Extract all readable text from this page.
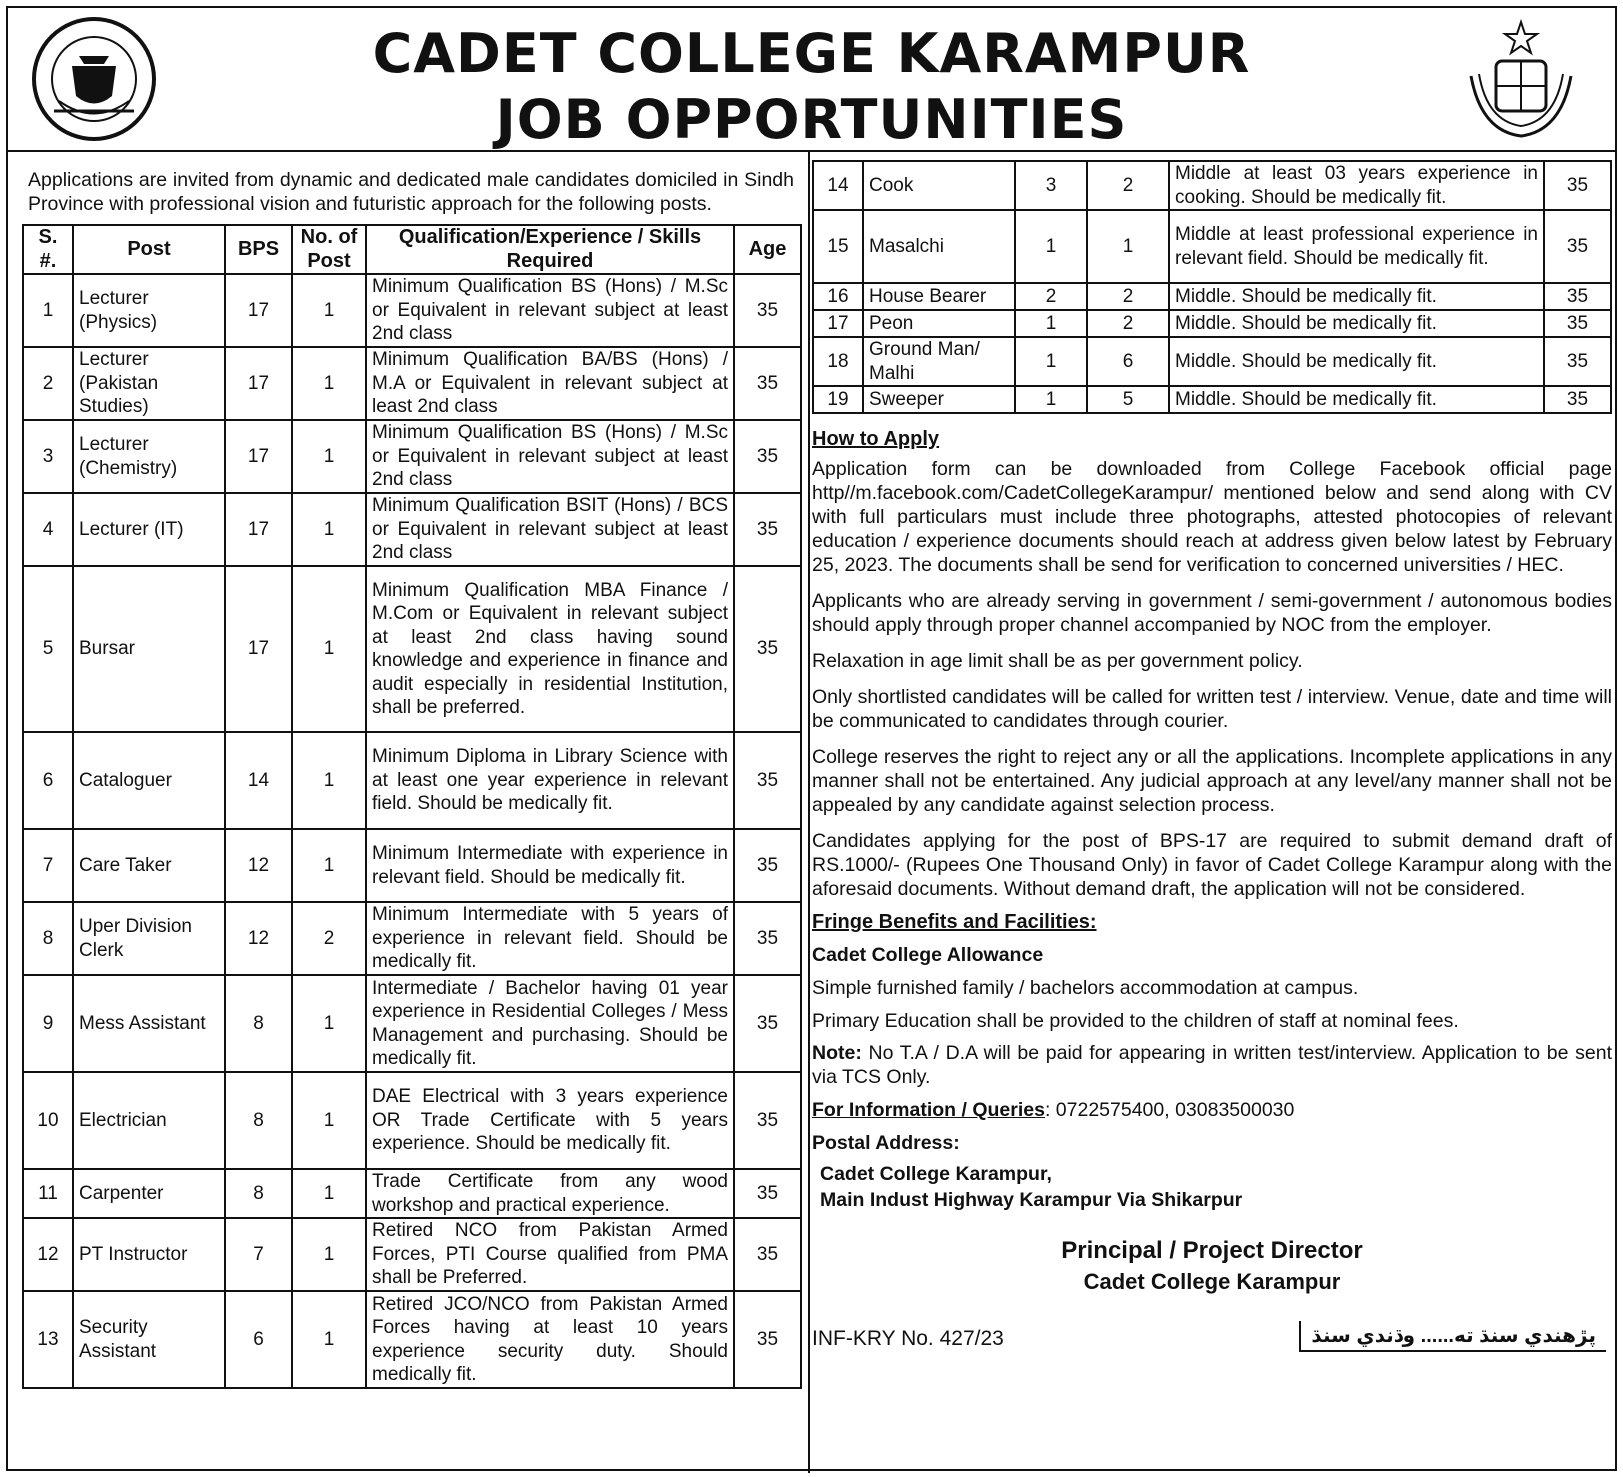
CADET COLLEGE KARAMPUR
JOB OPPORTUNITIES
Applications are invited from dynamic and dedicated male candidates domiciled in Sindh Province with professional vision and futuristic approach for the following posts.
S. #.	Post	BPS	No. of Post	Qualification/Experience / Skills Required	Age
1	Lecturer (Physics)	17	1	Minimum Qualification BS (Hons) / M.Sc or Equivalent in relevant subject at least 2nd class	35
2	Lecturer (Pakistan Studies)	17	1	Minimum Qualification BA/BS (Hons) / M.A or Equivalent in relevant subject at least 2nd class	35
3	Lecturer (Chemistry)	17	1	Minimum Qualification BS (Hons) / M.Sc or Equivalent in relevant subject at least 2nd class	35
4	Lecturer (IT)	17	1	Minimum Qualification BSIT (Hons) / BCS or Equivalent in relevant subject at least 2nd class	35
5	Bursar	17	1	Minimum Qualification MBA Finance / M.Com or Equivalent in relevant subject at least 2nd class having sound knowledge and experience in finance and audit especially in residential Institution, shall be preferred.	35
6	Cataloguer	14	1	Minimum Diploma in Library Science with at least one year experience in relevant field. Should be medically fit.	35
7	Care Taker	12	1	Minimum Intermediate with experience in relevant field. Should be medically fit.	35
8	Uper Division Clerk	12	2	Minimum Intermediate with 5 years of experience in relevant field. Should be medically fit.	35
9	Mess Assistant	8	1	Intermediate / Bachelor having 01 year experience in Residential Colleges / Mess Management and purchasing. Should be medically fit.	35
10	Electrician	8	1	DAE Electrical with 3 years experience OR Trade Certificate with 5 years experience. Should be medically fit.	35
11	Carpenter	8	1	Trade Certificate from any wood workshop and practical experience.	35
12	PT Instructor	7	1	Retired NCO from Pakistan Armed Forces, PTI Course qualified from PMA shall be Preferred.	35
13	Security Assistant	6	1	Retired JCO/NCO from Pakistan Armed Forces having at least 10 years experience security duty. Should medically fit.	35
14	Cook	3	2	Middle at least 03 years experience in cooking. Should be medically fit.	35
15	Masalchi	1	1	Middle at least professional experience in relevant field. Should be medically fit.	35
16	House Bearer	2	2	Middle. Should be medically fit.	35
17	Peon	1	2	Middle. Should be medically fit.	35
18	Ground Man/ Malhi	1	6	Middle. Should be medically fit.	35
19	Sweeper	1	5	Middle. Should be medically fit.	35
How to Apply
Application form can be downloaded from College Facebook official page http//m.facebook.com/CadetCollegeKarampur/ mentioned below and send along with CV with full particulars must include three photographs, attested photocopies of relevant education / experience documents should reach at address given below latest by February 25, 2023. The documents shall be send for verification to concerned universities / HEC.
Applicants who are already serving in government / semi-government / autonomous bodies should apply through proper channel accompanied by NOC from the employer.
Relaxation in age limit shall be as per government policy.
Only shortlisted candidates will be called for written test / interview. Venue, date and time will be communicated to candidates through courier.
College reserves the right to reject any or all the applications. Incomplete applications in any manner shall not be entertained. Any judicial approach at any level/any manner shall not be appealed by any candidate against selection process.
Candidates applying for the post of BPS-17 are required to submit demand draft of RS.1000/- (Rupees One Thousand Only) in favor of Cadet College Karampur along with the aforesaid documents. Without demand draft, the application will not be considered.
Fringe Benefits and Facilities:
Cadet College Allowance
Simple furnished family / bachelors accommodation at campus.
Primary Education shall be provided to the children of staff at nominal fees.
Note: No T.A / D.A will be paid for appearing in written test/interview. Application to be sent via TCS Only.
For Information / Queries: 0722575400, 03083500030
Postal Address:
Cadet College Karampur,
Main Indust Highway Karampur Via Shikarpur
Principal / Project Director
Cadet College Karampur
INF-KRY No. 427/23	پڙهندي سنڌ ته...... وڌندي سنڌ
